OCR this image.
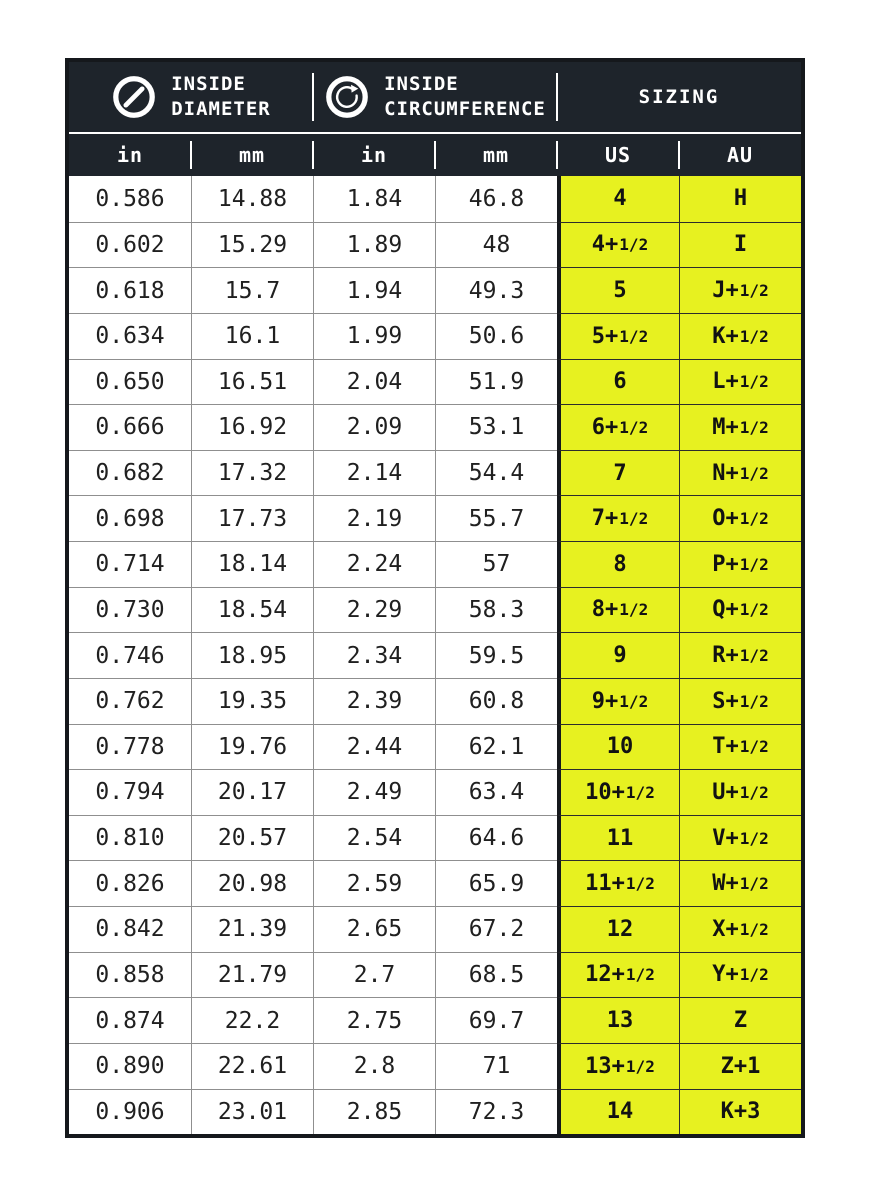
INSIDE
DIAMETER
INSIDE
CIRCUMFERENCE
SIZING
in	mm	in	mm	US	AU
0.586	14.88	1.84	46.8	4	H
0.602	15.29	1.89	48	4+ 1/2	I
0.618	15.7	1.94	49.3	5	J+ 1/2
0.634	16.1	1.99	50.6	5+ 1/2	K+ 1/2
0.650	16.51	2.04	51.9	6	L+ 1/2
0.666	16.92	2.09	53.1	6+ 1/2	M+ 1/2
0.682	17.32	2.14	54.4	7	N+ 1/2
0.698	17.73	2.19	55.7	7+ 1/2	O+ 1/2
0.714	18.14	2.24	57	8	P+ 1/2
0.730	18.54	2.29	58.3	8+ 1/2	Q+ 1/2
0.746	18.95	2.34	59.5	9	R+ 1/2
0.762	19.35	2.39	60.8	9+ 1/2	S+ 1/2
0.778	19.76	2.44	62.1	10	T+ 1/2
0.794	20.17	2.49	63.4	10+ 1/2	U+ 1/2
0.810	20.57	2.54	64.6	11	V+ 1/2
0.826	20.98	2.59	65.9	11+ 1/2	W+ 1/2
0.842	21.39	2.65	67.2	12	X+ 1/2
0.858	21.79	2.7	68.5	12+ 1/2	Y+ 1/2
0.874	22.2	2.75	69.7	13	Z
0.890	22.61	2.8	71	13+ 1/2	Z+1
0.906	23.01	2.85	72.3	14	K+3
